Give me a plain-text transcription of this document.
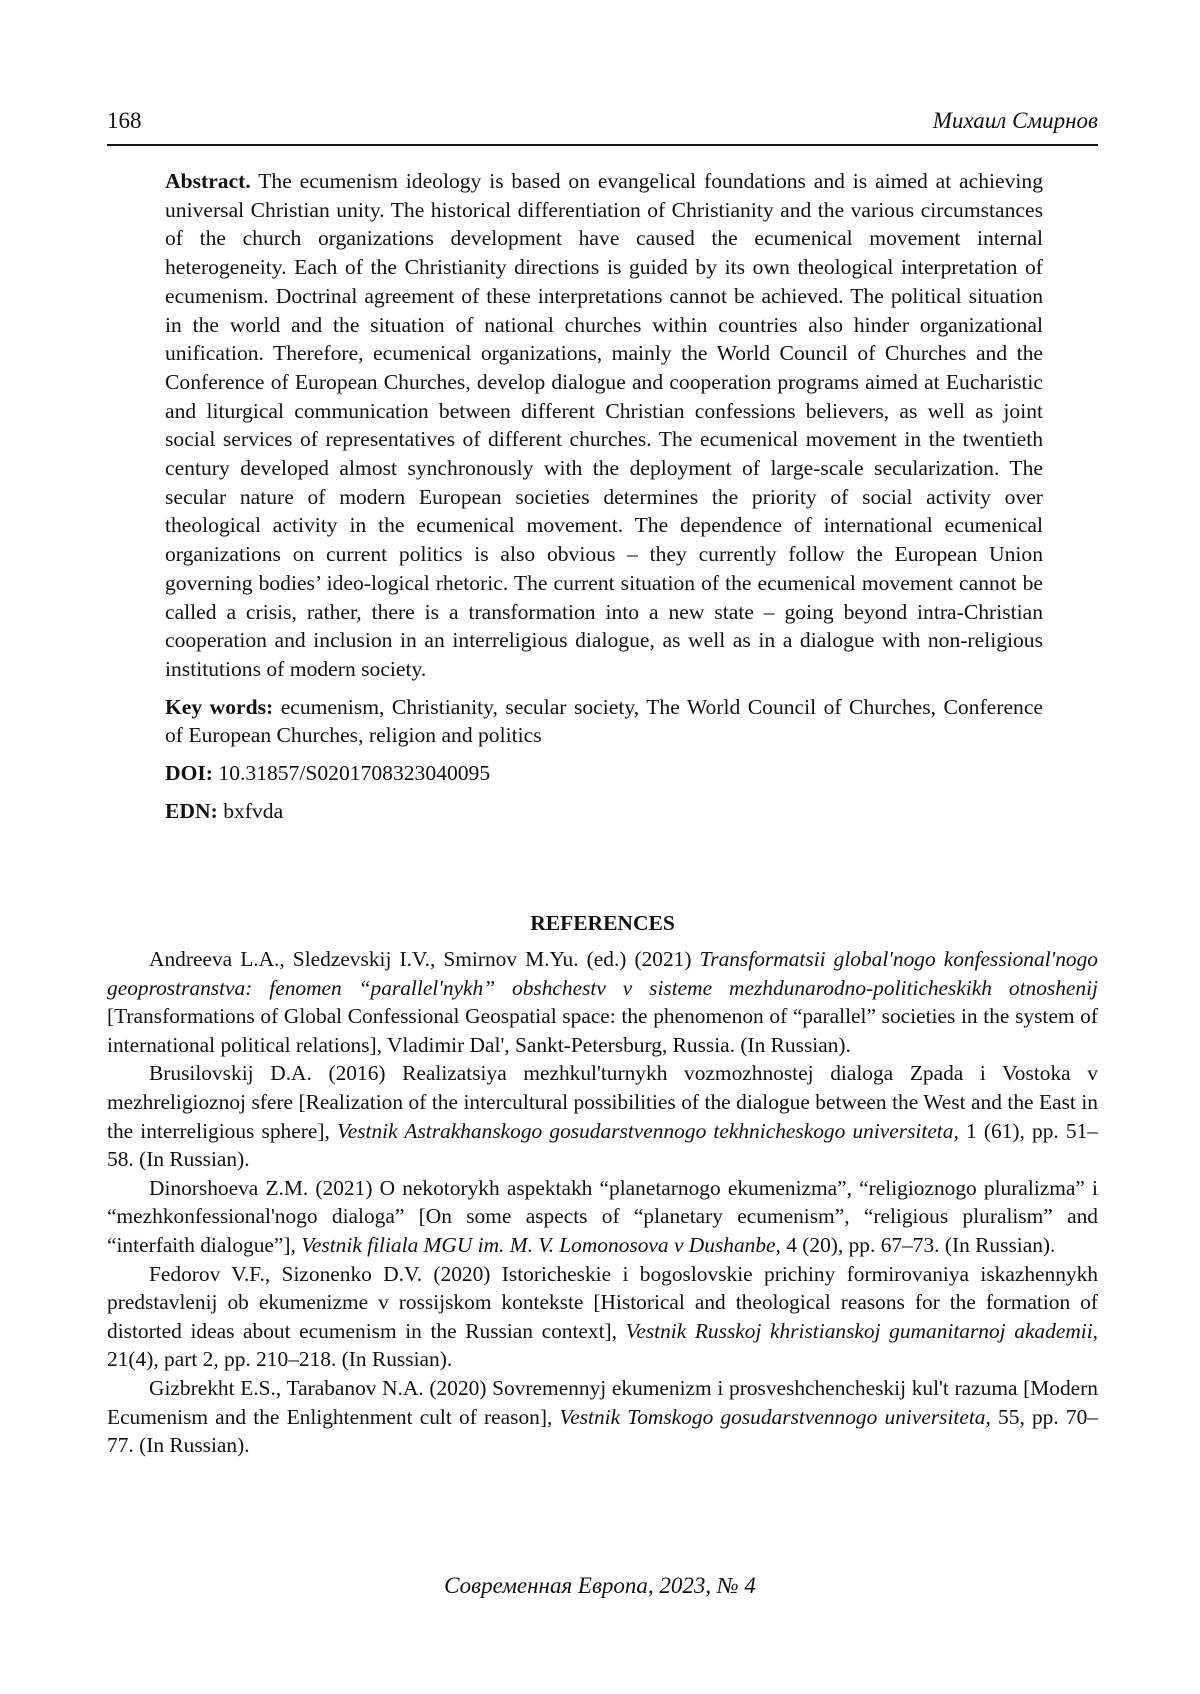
168	Михаил Смирнов

Abstract. The ecumenism ideology is based on evangelical foundations and is aimed at achieving universal Christian unity. The historical differentiation of Christianity and the various circumstances of the church organizations development have caused the ecumenical movement internal heterogeneity. Each of the Christianity directions is guided by its own theological interpretation of ecumenism. Doctrinal agreement of these interpretations cannot be achieved. The political situation in the world and the situation of national churches within countries also hinder organizational unification. Therefore, ecumenical organizations, mainly the World Council of Churches and the Conference of European Churches, develop dialogue and cooperation programs aimed at Eucharistic and liturgical communication between different Christian confessions believers, as well as joint social services of representatives of different churches. The ecumenical movement in the twentieth century developed almost synchronously with the deployment of large-scale secularization. The secular nature of modern European societies determines the priority of social activity over theological activity in the ecumenical movement. The dependence of international ecumenical organizations on current politics is also obvious – they currently follow the European Union governing bodies’ ideo-logical rhetoric. The current situation of the ecumenical movement cannot be called a crisis, rather, there is a transformation into a new state – going beyond intra-Christian cooperation and inclusion in an interreligious dialogue, as well as in a dialogue with non-religious institutions of modern society.

Key words: ecumenism, Christianity, secular society, The World Council of Churches, Conference of European Churches, religion and politics

DOI: 10.31857/S0201708323040095

EDN: bxfvda

REFERENCES

Andreeva L.A., Sledzevskij I.V., Smirnov M.Yu. (ed.) (2021) Transformatsii global'nogo konfessional'nogo geoprostranstva: fenomen “parallel'nykh” obshchestv v sisteme mezhdunarodno-politicheskikh otnoshenij [Transformations of Global Confessional Geospatial space: the phenomenon of “parallel” societies in the system of international political relations], Vladimir Dal', Sankt-Petersburg, Russia. (In Russian).

Brusilovskij D.A. (2016) Realizatsiya mezhkul'turnykh vozmozhnostej dialoga Zpada i Vostoka v mezhreligioznoj sfere [Realization of the intercultural possibilities of the dialogue between the West and the East in the interreligious sphere], Vestnik Astrakhanskogo gosudarstvennogo tekhnicheskogo universiteta, 1 (61), pp. 51–58. (In Russian).

Dinorshoeva Z.M. (2021) O nekotorykh aspektakh “planetarnogo ekumenizma”, “religioznogo pluralizma” i “mezhkonfessional'nogo dialoga” [On some aspects of “planetary ecumenism”, “religious pluralism” and “interfaith dialogue”], Vestnik filiala MGU im. M. V. Lomonosova v Dushanbe, 4 (20), pp. 67–73. (In Russian).

Fedorov V.F., Sizonenko D.V. (2020) Istoricheskie i bogoslovskie prichiny formirovaniya iskazhennykh predstavlenij ob ekumenizme v rossijskom kontekste [Historical and theological reasons for the formation of distorted ideas about ecumenism in the Russian context], Vestnik Russkoj khristianskoj gumanitarnoj akademii, 21(4), part 2, pp. 210–218. (In Russian).

Gizbrekht E.S., Tarabanov N.A. (2020) Sovremennyj ekumenizm i prosveshchencheskij kul't razuma [Modern Ecumenism and the Enlightenment cult of reason], Vestnik Tomskogo gosudarstvennogo universiteta, 55, pp. 70–77. (In Russian).

Современная Европа, 2023, № 4
